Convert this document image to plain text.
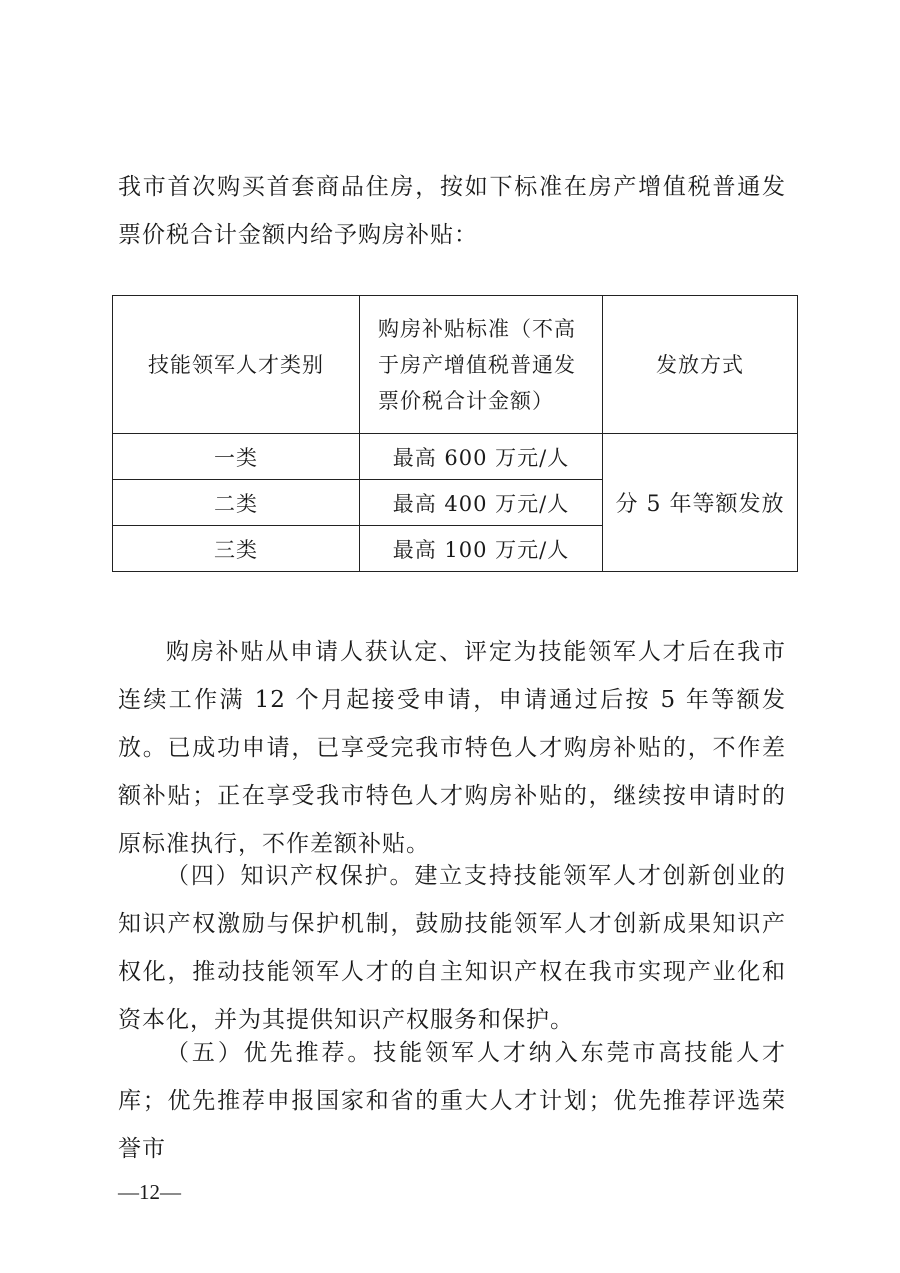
我市首次购买首套商品住房，按如下标准在房产增值税普通发票价税合计金额内给予购房补贴：

技能领军人才类别	购房补贴标准（不高于房产增值税普通发票价税合计金额）	发放方式
一类	最高 600 万元/人	分 5 年等额发放
二类	最高 400 万元/人	
三类	最高 100 万元/人	

购房补贴从申请人获认定、评定为技能领军人才后在我市连续工作满 12 个月起接受申请，申请通过后按 5 年等额发放。已成功申请，已享受完我市特色人才购房补贴的，不作差额补贴；正在享受我市特色人才购房补贴的，继续按申请时的原标准执行，不作差额补贴。

（四）知识产权保护。建立支持技能领军人才创新创业的知识产权激励与保护机制，鼓励技能领军人才创新成果知识产权化，推动技能领军人才的自主知识产权在我市实现产业化和资本化，并为其提供知识产权服务和保护。

（五）优先推荐。技能领军人才纳入东莞市高技能人才库；优先推荐申报国家和省的重大人才计划；优先推荐评选荣誉市

—12—
